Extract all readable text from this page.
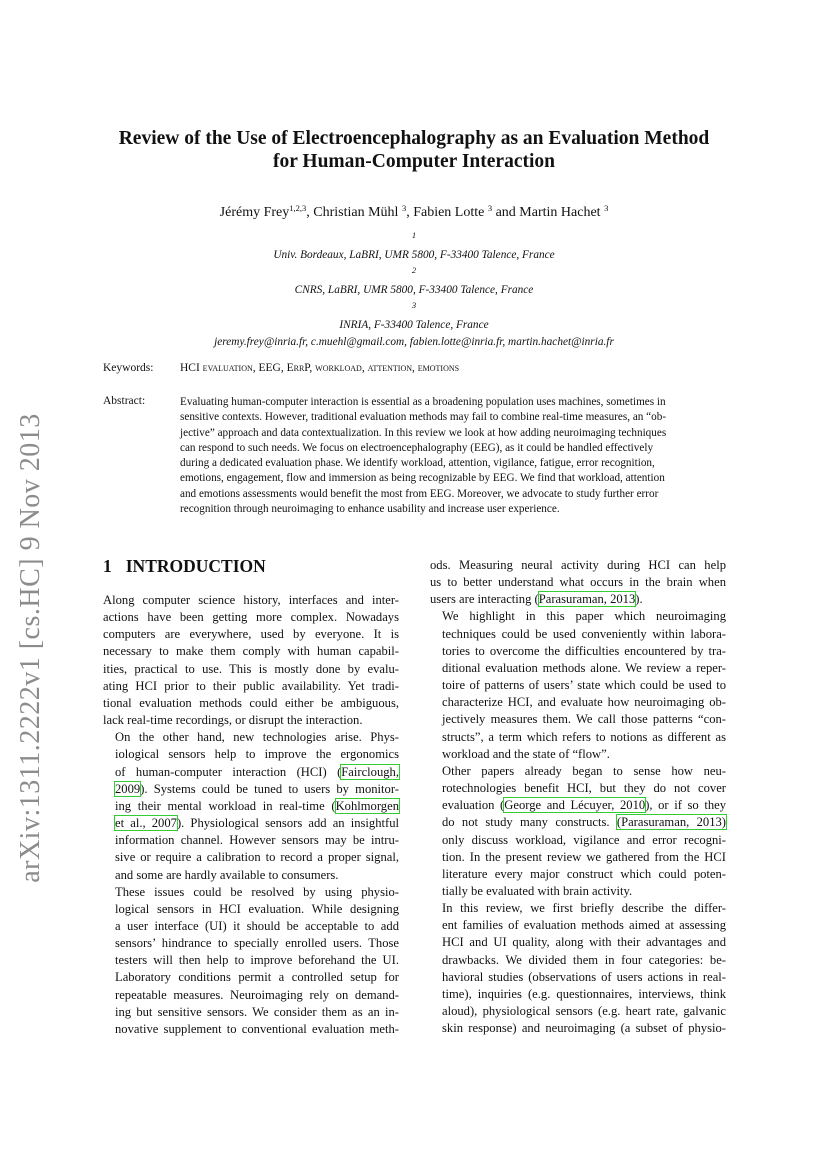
arXiv:1311.2222v1 [cs.HC] 9 Nov 2013
Review of the Use of Electroencephalography as an Evaluation Method
for Human-Computer Interaction
Jérémy Frey$^{1,2,3}$, Christian Mühl $^3$, Fabien Lotte $^3$ and Martin Hachet $^3$
$^1$
Univ. Bordeaux, LaBRI, UMR 5800, F-33400 Talence, France
$^2$
CNRS, LaBRI, UMR 5800, F-33400 Talence, France
$^3$
INRIA, F-33400 Talence, France
jeremy.frey@inria.fr, c.muehl@gmail.com, fabien.lotte@inria.fr, martin.hachet@inria.fr
Keywords: HCI evaluation, EEG, ErrP, workload, attention, emotions
Abstract:	Evaluating human-computer interaction is essential as a broadening population uses machines, sometimes in
sensitive contexts. However, traditional evaluation methods may fail to combine real-time measures, an “ob-
jective” approach and data contextualization. In this review we look at how adding neuroimaging techniques
can respond to such needs. We focus on electroencephalography (EEG), as it could be handled effectively
during a dedicated evaluation phase. We identify workload, attention, vigilance, fatigue, error recognition,
emotions, engagement, flow and immersion as being recognizable by EEG. We find that workload, attention
and emotions assessments would benefit the most from EEG. Moreover, we advocate to study further error
recognition through neuroimaging to enhance usability and increase user experience.
1 INTRODUCTION

Along computer science history, interfaces and inter-
actions have been getting more complex. Nowadays
computers are everywhere, used by everyone. It is
necessary to make them comply with human capabil-
ities, practical to use. This is mostly done by evalu-
ating HCI prior to their public availability. Yet tradi-
tional evaluation methods could either be ambiguous,
lack real-time recordings, or disrupt the interaction.

On the other hand, new technologies arise. Phys-
iological sensors help to improve the ergonomics
of human-computer interaction (HCI) (Fairclough,
2009). Systems could be tuned to users by monitor-
ing their mental workload in real-time (Kohlmorgen
et al., 2007). Physiological sensors add an insightful
information channel. However sensors may be intru-
sive or require a calibration to record a proper signal,
and some are hardly available to consumers.

These issues could be resolved by using physio-
logical sensors in HCI evaluation. While designing
a user interface (UI) it should be acceptable to add
sensors’ hindrance to specially enrolled users. Those
testers will then help to improve beforehand the UI.
Laboratory conditions permit a controlled setup for
repeatable measures. Neuroimaging rely on demand-
ing but sensitive sensors. We consider them as an in-
novative supplement to conventional evaluation meth-

ods. Measuring neural activity during HCI can help
us to better understand what occurs in the brain when
users are interacting (Parasuraman, 2013).

We highlight in this paper which neuroimaging
techniques could be used conveniently within labora-
tories to overcome the difficulties encountered by tra-
ditional evaluation methods alone. We review a reper-
toire of patterns of users’ state which could be used to
characterize HCI, and evaluate how neuroimaging ob-
jectively measures them. We call those patterns “con-
structs”, a term which refers to notions as different as
workload and the state of “flow”.

Other papers already began to sense how neu-
rotechnologies benefit HCI, but they do not cover
evaluation (George and Lécuyer, 2010), or if so they
do not study many constructs. (Parasuraman, 2013)
only discuss workload, vigilance and error recogni-
tion. In the present review we gathered from the HCI
literature every major construct which could poten-
tially be evaluated with brain activity.

In this review, we first briefly describe the differ-
ent families of evaluation methods aimed at assessing
HCI and UI quality, along with their advantages and
drawbacks. We divided them in four categories: be-
havioral studies (observations of users actions in real-
time), inquiries (e.g. questionnaires, interviews, think
aloud), physiological sensors (e.g. heart rate, galvanic
skin response) and neuroimaging (a subset of physio-
